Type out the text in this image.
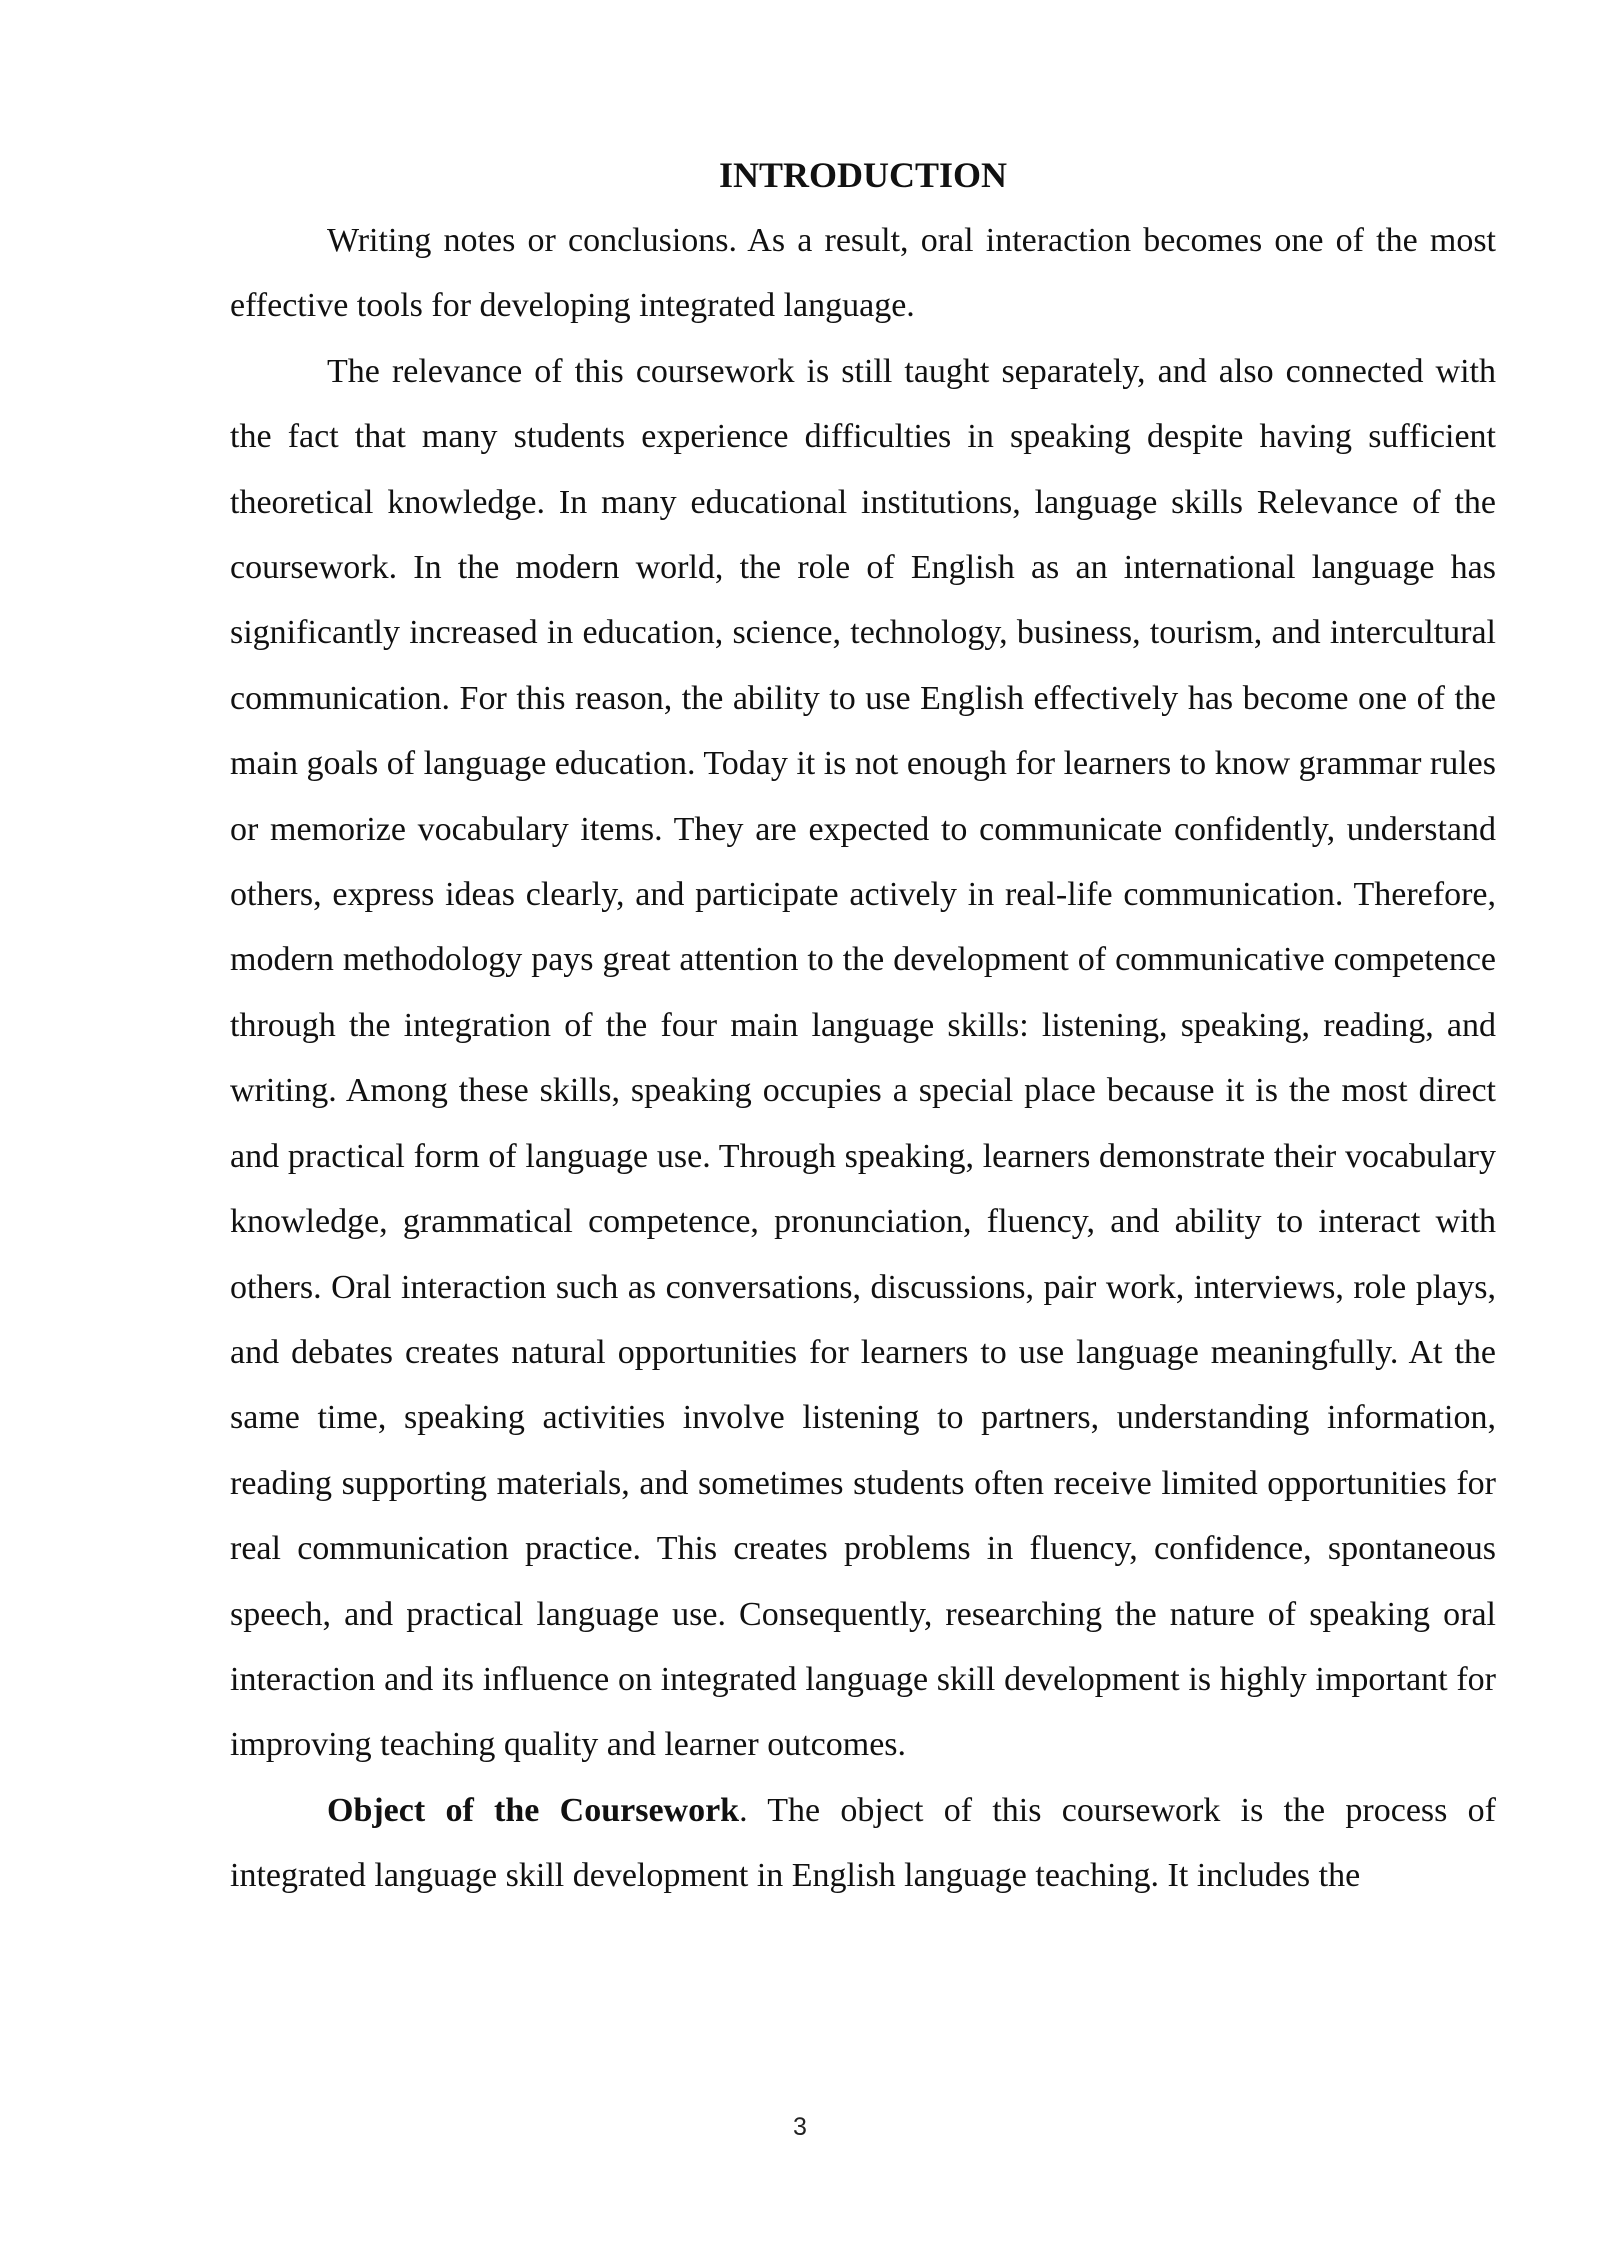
INTRODUCTION

Writing notes or conclusions. As a result, oral interaction becomes one of the most effective tools for developing integrated language.

The relevance of this coursework is still taught separately, and also connected with the fact that many students experience difficulties in speaking despite having sufficient theoretical knowledge. In many educational institutions, language skills Relevance of the coursework. In the modern world, the role of English as an international language has significantly increased in education, science, technology, business, tourism, and intercultural communication. For this reason, the ability to use English effectively has become one of the main goals of language education. Today it is not enough for learners to know grammar rules or memorize vocabulary items. They are expected to communicate confidently, understand others, express ideas clearly, and participate actively in real-life communication. Therefore, modern methodology pays great attention to the development of communicative competence through the integration of the four main language skills: listening, speaking, reading, and writing. Among these skills, speaking occupies a special place because it is the most direct and practical form of language use. Through speaking, learners demonstrate their vocabulary knowledge, grammatical competence, pronunciation, fluency, and ability to interact with others. Oral interaction such as conversations, discussions, pair work, interviews, role plays, and debates creates natural opportunities for learners to use language meaningfully. At the same time, speaking activities involve listening to partners, understanding information, reading supporting materials, and sometimes students often receive limited opportunities for real communication practice. This creates problems in fluency, confidence, spontaneous speech, and practical language use. Consequently, researching the nature of speaking oral interaction and its influence on integrated language skill development is highly important for improving teaching quality and learner outcomes.

Object of the Coursework. The object of this coursework is the process of integrated language skill development in English language teaching. It includes the

3
